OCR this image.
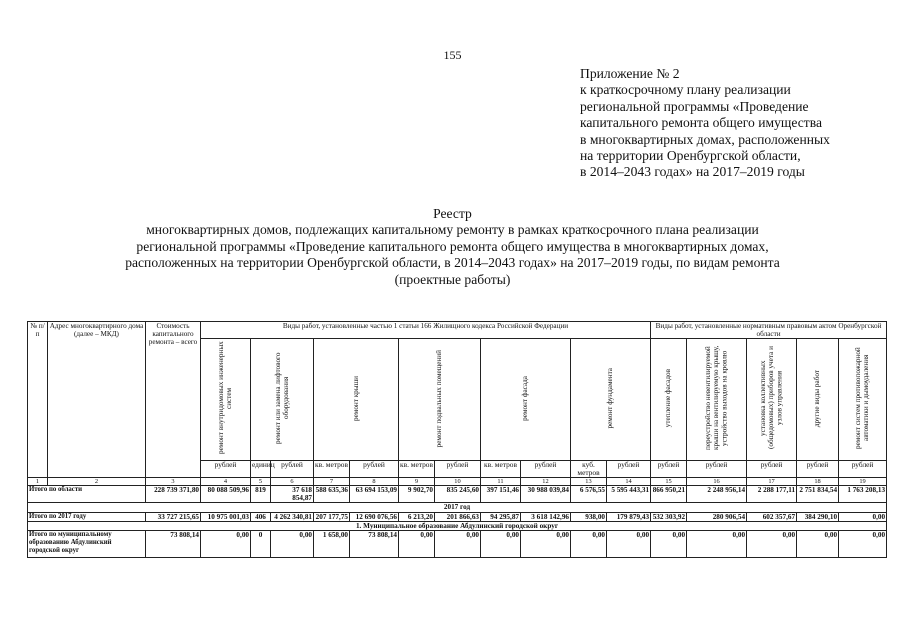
155
Приложение № 2
к краткосрочному плану реализации
региональной программы «Проведение
капитального ремонта общего имущества
в многоквартирных домах, расположенных
на территории Оренбургской области,
в 2014–2043 годах» на 2017–2019 годы
Реестр
многоквартирных домов, подлежащих капитальному ремонту в рамках краткосрочного плана реализации
региональной программы «Проведение капитального ремонта общего имущества в многоквартирных домах,
расположенных на территории Оренбургской области, в 2014–2043 годах» на 2017–2019 годы, по видам ремонта
(проектные работы)
№ п/п	Адрес многоквартирного дома (далее – МКД)	Стоимость капитального ремонта – всего	Виды работ, установленные частью 1 статьи 166 Жилищного кодекса Российской Федерации											Виды работ, установленные нормативным правовым актом Оренбургской области				
			ремонт внутридомовых инженерных систем	ремонт или замена лифтового оборудования		ремонт крыши		ремонт подвальных помещений		ремонт фасада		ремонт фундамента		утепление фасадов	переустройство невентилируемой крыши на вентилируемую крышу, устройство выходов на кровлю	установка коллективных (общедомовых) приборов учета и узлов управления	другие виды работ	ремонт систем противопожарной автоматики и дымоудаления
			рублей	единиц	рублей	кв. метров	рублей	кв. метров	рублей	кв. метров	рублей	куб. метров	рублей	рублей	рублей	рублей	рублей	рублей
1	2	3	4	5	6	7	8	9	10	11	12	13	14	15	16	17	18	19
Итого по области		228 739 371,80	80 088 509,96	819	37 618 854,87	588 635,36	63 694 153,09	9 902,70	835 245,60	397 151,46	30 988 039,84	6 576,55	5 595 443,31	866 950,21	2 248 956,14	2 288 177,11	2 751 834,54	1 763 208,13
2017 год																		
Итого по 2017 году		33 727 215,65	10 975 001,03	406	4 262 340,81	207 177,75	12 690 076,56	6 213,20	201 866,63	94 295,87	3 618 142,96	938,00	179 879,43	532 303,92	280 906,54	602 357,67	384 290,10	0,00
1. Муниципальное образование Абдулинский городской округ																		
Итого по муниципальному образованию Абдулинский городской округ		73 808,14	0,00	0	0,00	1 658,00	73 808,14	0,00	0,00	0,00	0,00	0,00	0,00	0,00	0,00	0,00	0,00	0,00
